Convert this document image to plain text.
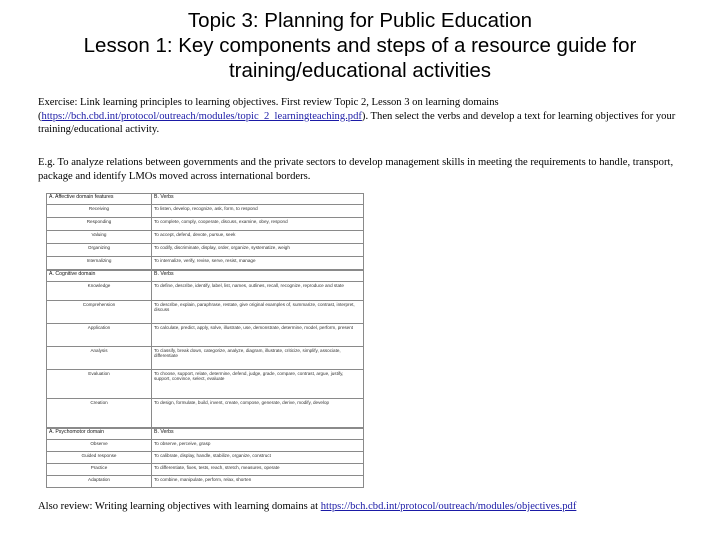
Topic 3: Planning for Public Education
Lesson 1: Key components and steps of a resource guide for
training/educational activities
Exercise: Link learning principles to learning objectives. First review Topic 2, Lesson 3 on learning domains (https://bch.cbd.int/protocol/outreach/modules/topic_2_learningteaching.pdf). Then select the verbs and develop a text for learning objectives for your training/educational activity.
E.g. To analyze relations between governments and the private sectors to develop management skills in meeting the requirements to handle, transport, package and identify LMOs moved across international borders.
A. Affective domain features	B. Verbs
Receiving	To listen, develop, recognize, ask, form, to respond
Responding	To complete, comply, cooperate, discuss, examine, obey, respond
Valuing	To accept, defend, devote, pursue, seek
Organizing	To codify, discriminate, display, order, organize, systematize, weigh
Internalizing	To internalize, verify, revise, serve, resist, manage
A. Cognitive domain	B. Verbs
Knowledge	To define, describe, identify, label, list, names, outlines, recall, recognize, reproduce and state
Comprehension	To describe, explain, paraphrase, restate, give original examples of, summarize, contrast, interpret, discuss
Application	To calculate, predict, apply, solve, illustrate, use, demonstrate, determine, model, perform, present
Analysis	To classify, break down, categorize, analyze, diagram, illustrate, criticize, simplify, associate, differentiate
Evaluation	To choose, support, relate, determine, defend, judge, grade, compare, contrast, argue, justify, support, convince, select, evaluate
Creation	To design, formulate, build, invent, create, compose, generate, derive, modify, develop
A. Psychomotor domain	B. Verbs
Observe	To observe, perceive, grasp
Guided response	To calibrate, display, handle, stabilize, organize, construct
Practice	To differentiate, fixes, tests, reach, stretch, measures, operate
Adaptation	To combine, manipulate, perform, relax, shorten
Also review: Writing learning objectives with learning domains at https://bch.cbd.int/protocol/outreach/modules/objectives.pdf
